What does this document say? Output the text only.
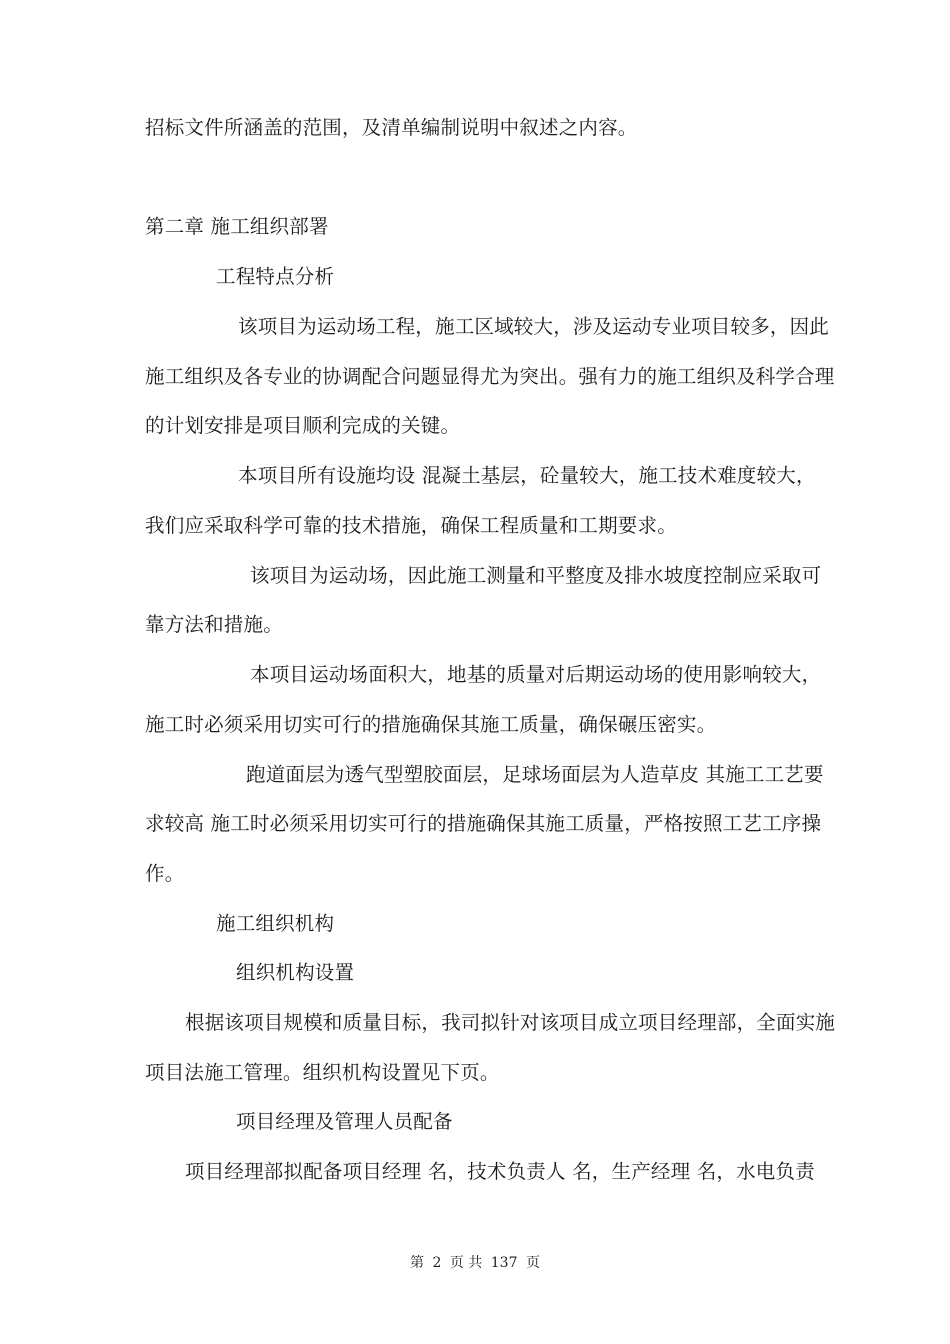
招标文件所涵盖的范围，及清单编制说明中叙述之内容。
第二章 施工组织部署
工程特点分析
该项目为运动场工程，施工区域较大，涉及运动专业项目较多，因此
施工组织及各专业的协调配合问题显得尤为突出。强有力的施工组织及科学合理
的计划安排是项目顺利完成的关键。
本项目所有设施均设 混凝土基层，砼量较大，施工技术难度较大，
我们应采取科学可靠的技术措施，确保工程质量和工期要求。
该项目为运动场，因此施工测量和平整度及排水坡度控制应采取可
靠方法和措施。
本项目运动场面积大，地基的质量对后期运动场的使用影响较大，
施工时必须采用切实可行的措施确保其施工质量，确保碾压密实。
跑道面层为透气型塑胶面层，足球场面层为人造草皮 其施工工艺要
求较高 施工时必须采用切实可行的措施确保其施工质量，严格按照工艺工序操
作。
施工组织机构
组织机构设置
根据该项目规模和质量目标，我司拟针对该项目成立项目经理部，全面实施
项目法施工管理。组织机构设置见下页。
项目经理及管理人员配备
项目经理部拟配备项目经理 名，技术负责人 名，生产经理 名，水电负责
第 2 页 共 137 页
